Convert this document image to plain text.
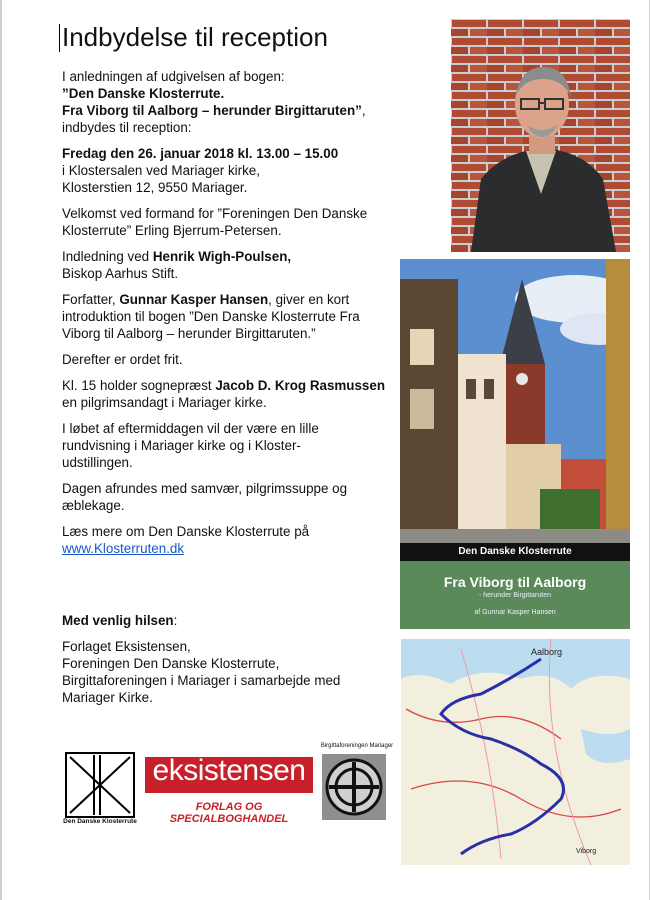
Indbydelse til reception

I anledningen af udgivelsen af bogen:
”Den Danske Klosterrute.
Fra Viborg til Aalborg – herunder Birgittaruten”,
indbydes til reception:

Fredag den 26. januar 2018 kl. 13.00 – 15.00
i Klostersalen ved Mariager kirke,
Klosterstien 12, 9550 Mariager.

Velkomst ved formand for ”Foreningen Den Danske
Klosterrute” Erling Bjerrum-Petersen.

Indledning ved Henrik Wigh-Poulsen,
Biskop Aarhus Stift.

Forfatter, Gunnar Kasper Hansen, giver en kort
introduktion til bogen ”Den Danske Klosterrute Fra
Viborg til Aalborg – herunder Birgittaruten.”

Derefter er ordet frit.

Kl. 15 holder sognepræst Jacob D. Krog Rasmussen
en pilgrimsandagt i Mariager kirke.

I løbet af eftermiddagen vil der være en lille
rundvisning i Mariager kirke og i Kloster-
udstillingen.

Dagen afrundes med samvær, pilgrimssuppe og
æblekage.

Læs mere om Den Danske Klosterrute på
www.Klosterruten.dk

Med venlig hilsen:

Forlaget Eksistensen,
Foreningen Den Danske Klosterrute,
Birgittaforeningen i Mariager i samarbejde med
Mariager Kirke.

Den Danske Klosterrute
Fra Viborg til Aalborg
- herunder Birgittaruten
af Gunnar Kasper Hansen
Aalborg
Viborg
Den Danske Klosterrute
eksistensen
FORLAG OG SPECIALBOGHANDEL
Birgittaforeningen Mariager
